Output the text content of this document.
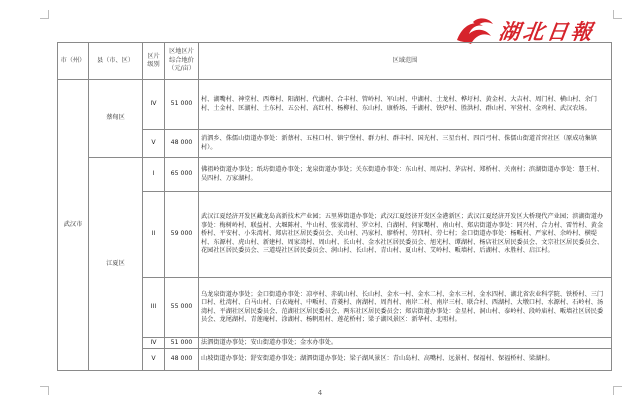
湖北日報
市（州）	县（市、区）	区片级别	区地区片综合地价（元/亩）	区域范围
武汉市	蔡甸区	IV	51 000	村、湖嘴村、神堂村、西尊村、阳湖村、代湖村、合丰村、管岭村、军山村、中湖村、土龙村、桦圩村、黄金村、大吉村、周门村、横山村、余门村、土金村、匡湖村、土东村、五公村、高红村、杨柳村、东山村、康桥场、千湖村、铁炉村、胜洪村、群山村、军营村、金鸡村、武汉农场。
		V	48 000	消泗乡、侏儒山街道办事处：新蔡村、五桂口村、镇宁堡村、群力村、群丰村、国光村、三星台村、四百弓村、侏儒山街道首窖社区（原成功集镇村）。
	江夏区	I	65 000	佛祖岭街道办事处；纸坊街道办事处；龙泉街道办事处；关东街道办事处：东山村、周店村、茅店村、郑桥村、关南村；滨湖街道办事处：慧王村、吴四村、万家湖村。
		II	59 000	武汉江夏经济开发区藏龙岛高新技术产业园；五里界街道办事处；武汉江夏经济开发区金港新区；武汉江夏经济开发区大桥现代产业园；滨湖街道办事处：梅树岭村、联益村、大堰陈村、牛山村、张家湾村、罗立村、白湖村、何家嘴村、南山村、郑店街道办事处：同兴村、合力村、雷竹村、黄金桥村、平安村、小朱湾村、郑店社区居民委员会、关山村、冯家村、廖桥村、劳四村、劳七村；金口街道办事处：杨畈村、严家村、余岭村、横堤村、东源村、虎山村、新建村、周家湾村、周山村、长山村、金水社区居民委员会、旭光村、谭湖村、杨店社区居民委员会、文宗社区居民委员会、花园社区居民委员会、三道堤社区居民委员会、润山村、长山村、青山村、夏山村、艾岭村、畈墙村、后湖村、永胜村、启江村。
		III	55 000	乌龙泉街道办事处；金口街道办事处：凉亭村、赤矶山村、长山村、金水一村、金水二村、金水三村、金水四村、湖北省农业科学院、铁桥村、三门口村、杜湾村、白马山村、白衣庵村、中畈村、青菱村、南湖村、周肖村、南岸二村、南岸三村、联合村、西湖村、大墩口村、水源村、石岭村、汤湾村、平湖社区居民委员会、范湖社区居民委员会、两东社区居民委员会；郑店街道办事处：金星村、洞山村、泰岭村、段岭庙村、畈墙社区居民委员会、龙尾湖村、青莲庵村、涂湖村、杨帆咀村、莲花桥村；梁子湖风景区：新华村、北咀村。
		IV	51 000	法泗街道办事处；安山街道办事处；金水办事处。
		V	48 000	山坡街道办事处；舒安街道办事处；湖泗街道办事处；梁子湖风景区：青山岛村、高嘴村、远景村、保福村、保福桥村、梁湖村。
4
